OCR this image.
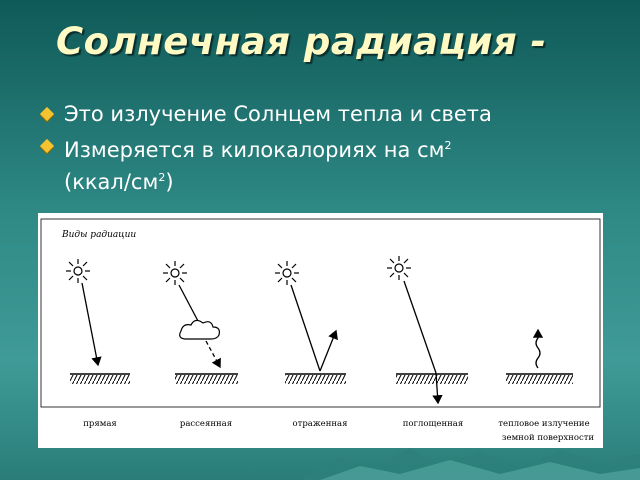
Солнечная радиация -
Это излучение Солнцем тепла и света
Измеряется в килокалориях на $см^2$
$(ккал/см^2)$
Виды радиации
прямая	рассеянная	отраженная	поглощенная	тепловое излучение
земной поверхности
